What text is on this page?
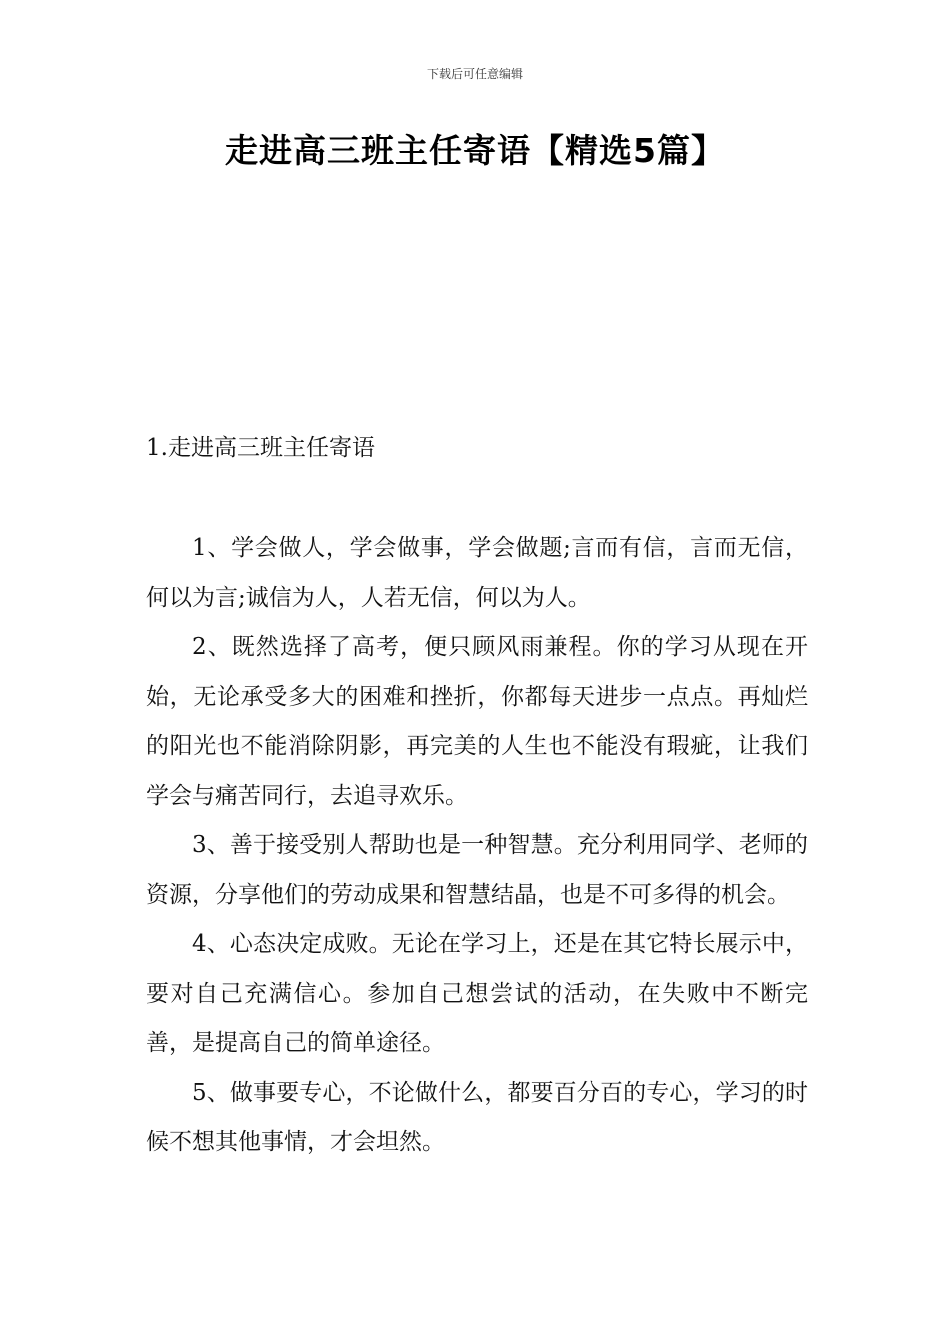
下载后可任意编辑
走进高三班主任寄语【精选5篇】
1.走进高三班主任寄语

1、学会做人，学会做事，学会做题;言而有信，言而无信，何以为言;诚信为人，人若无信，何以为人。

2、既然选择了高考，便只顾风雨兼程。你的学习从现在开始，无论承受多大的困难和挫折，你都每天进步一点点。再灿烂的阳光也不能消除阴影，再完美的人生也不能没有瑕疵，让我们学会与痛苦同行，去追寻欢乐。

3、善于接受别人帮助也是一种智慧。充分利用同学、老师的资源，分享他们的劳动成果和智慧结晶，也是不可多得的机会。

4、心态决定成败。无论在学习上，还是在其它特长展示中，要对自己充满信心。参加自己想尝试的活动，在失败中不断完善，是提高自己的简单途径。

5、做事要专心，不论做什么，都要百分百的专心，学习的时候不想其他事情，才会坦然。
